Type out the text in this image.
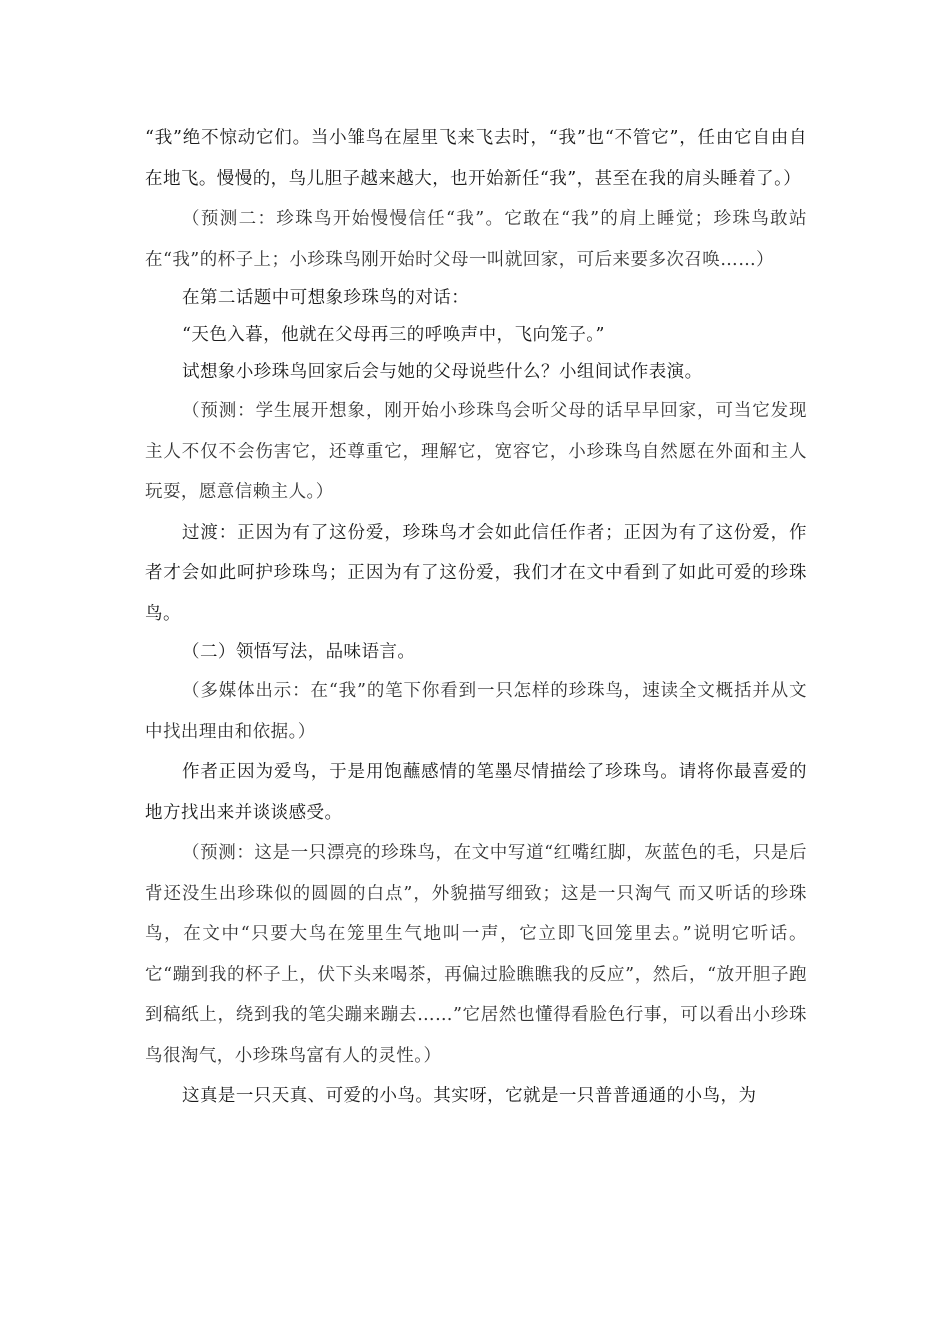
“我”绝不惊动它们。当小雏鸟在屋里飞来飞去时，“我”也“不管它”，任由它自由自在地飞。慢慢的，鸟儿胆子越来越大，也开始新任“我”，甚至在我的肩头睡着了。）

（预测二：珍珠鸟开始慢慢信任“我”。它敢在“我”的肩上睡觉；珍珠鸟敢站在“我”的杯子上；小珍珠鸟刚开始时父母一叫就回家，可后来要多次召唤……）

在第二话题中可想象珍珠鸟的对话：

“天色入暮，他就在父母再三的呼唤声中，飞向笼子。”

试想象小珍珠鸟回家后会与她的父母说些什么？小组间试作表演。

（预测：学生展开想象，刚开始小珍珠鸟会听父母的话早早回家，可当它发现主人不仅不会伤害它，还尊重它，理解它，宽容它，小珍珠鸟自然愿在外面和主人玩耍，愿意信赖主人。）

过渡：正因为有了这份爱，珍珠鸟才会如此信任作者；正因为有了这份爱，作者才会如此呵护珍珠鸟；正因为有了这份爱，我们才在文中看到了如此可爱的珍珠鸟。

（二）领悟写法，品味语言。

（多媒体出示：在“我”的笔下你看到一只怎样的珍珠鸟，速读全文概括并从文中找出理由和依据。）

作者正因为爱鸟，于是用饱蘸感情的笔墨尽情描绘了珍珠鸟。请将你最喜爱的地方找出来并谈谈感受。

（预测：这是一只漂亮的珍珠鸟，在文中写道“红嘴红脚，灰蓝色的毛，只是后背还没生出珍珠似的圆圆的白点”，外貌描写细致；这是一只淘气 而又听话的珍珠鸟，在文中“只要大鸟在笼里生气地叫一声，它立即飞回笼里去。”说明它听话。它“蹦到我的杯子上，伏下头来喝茶，再偏过脸瞧瞧我的反应”，然后，“放开胆子跑到稿纸上，绕到我的笔尖蹦来蹦去……”它居然也懂得看脸色行事，可以看出小珍珠鸟很淘气，小珍珠鸟富有人的灵性。）

这真是一只天真、可爱的小鸟。其实呀，它就是一只普普通通的小鸟，为
